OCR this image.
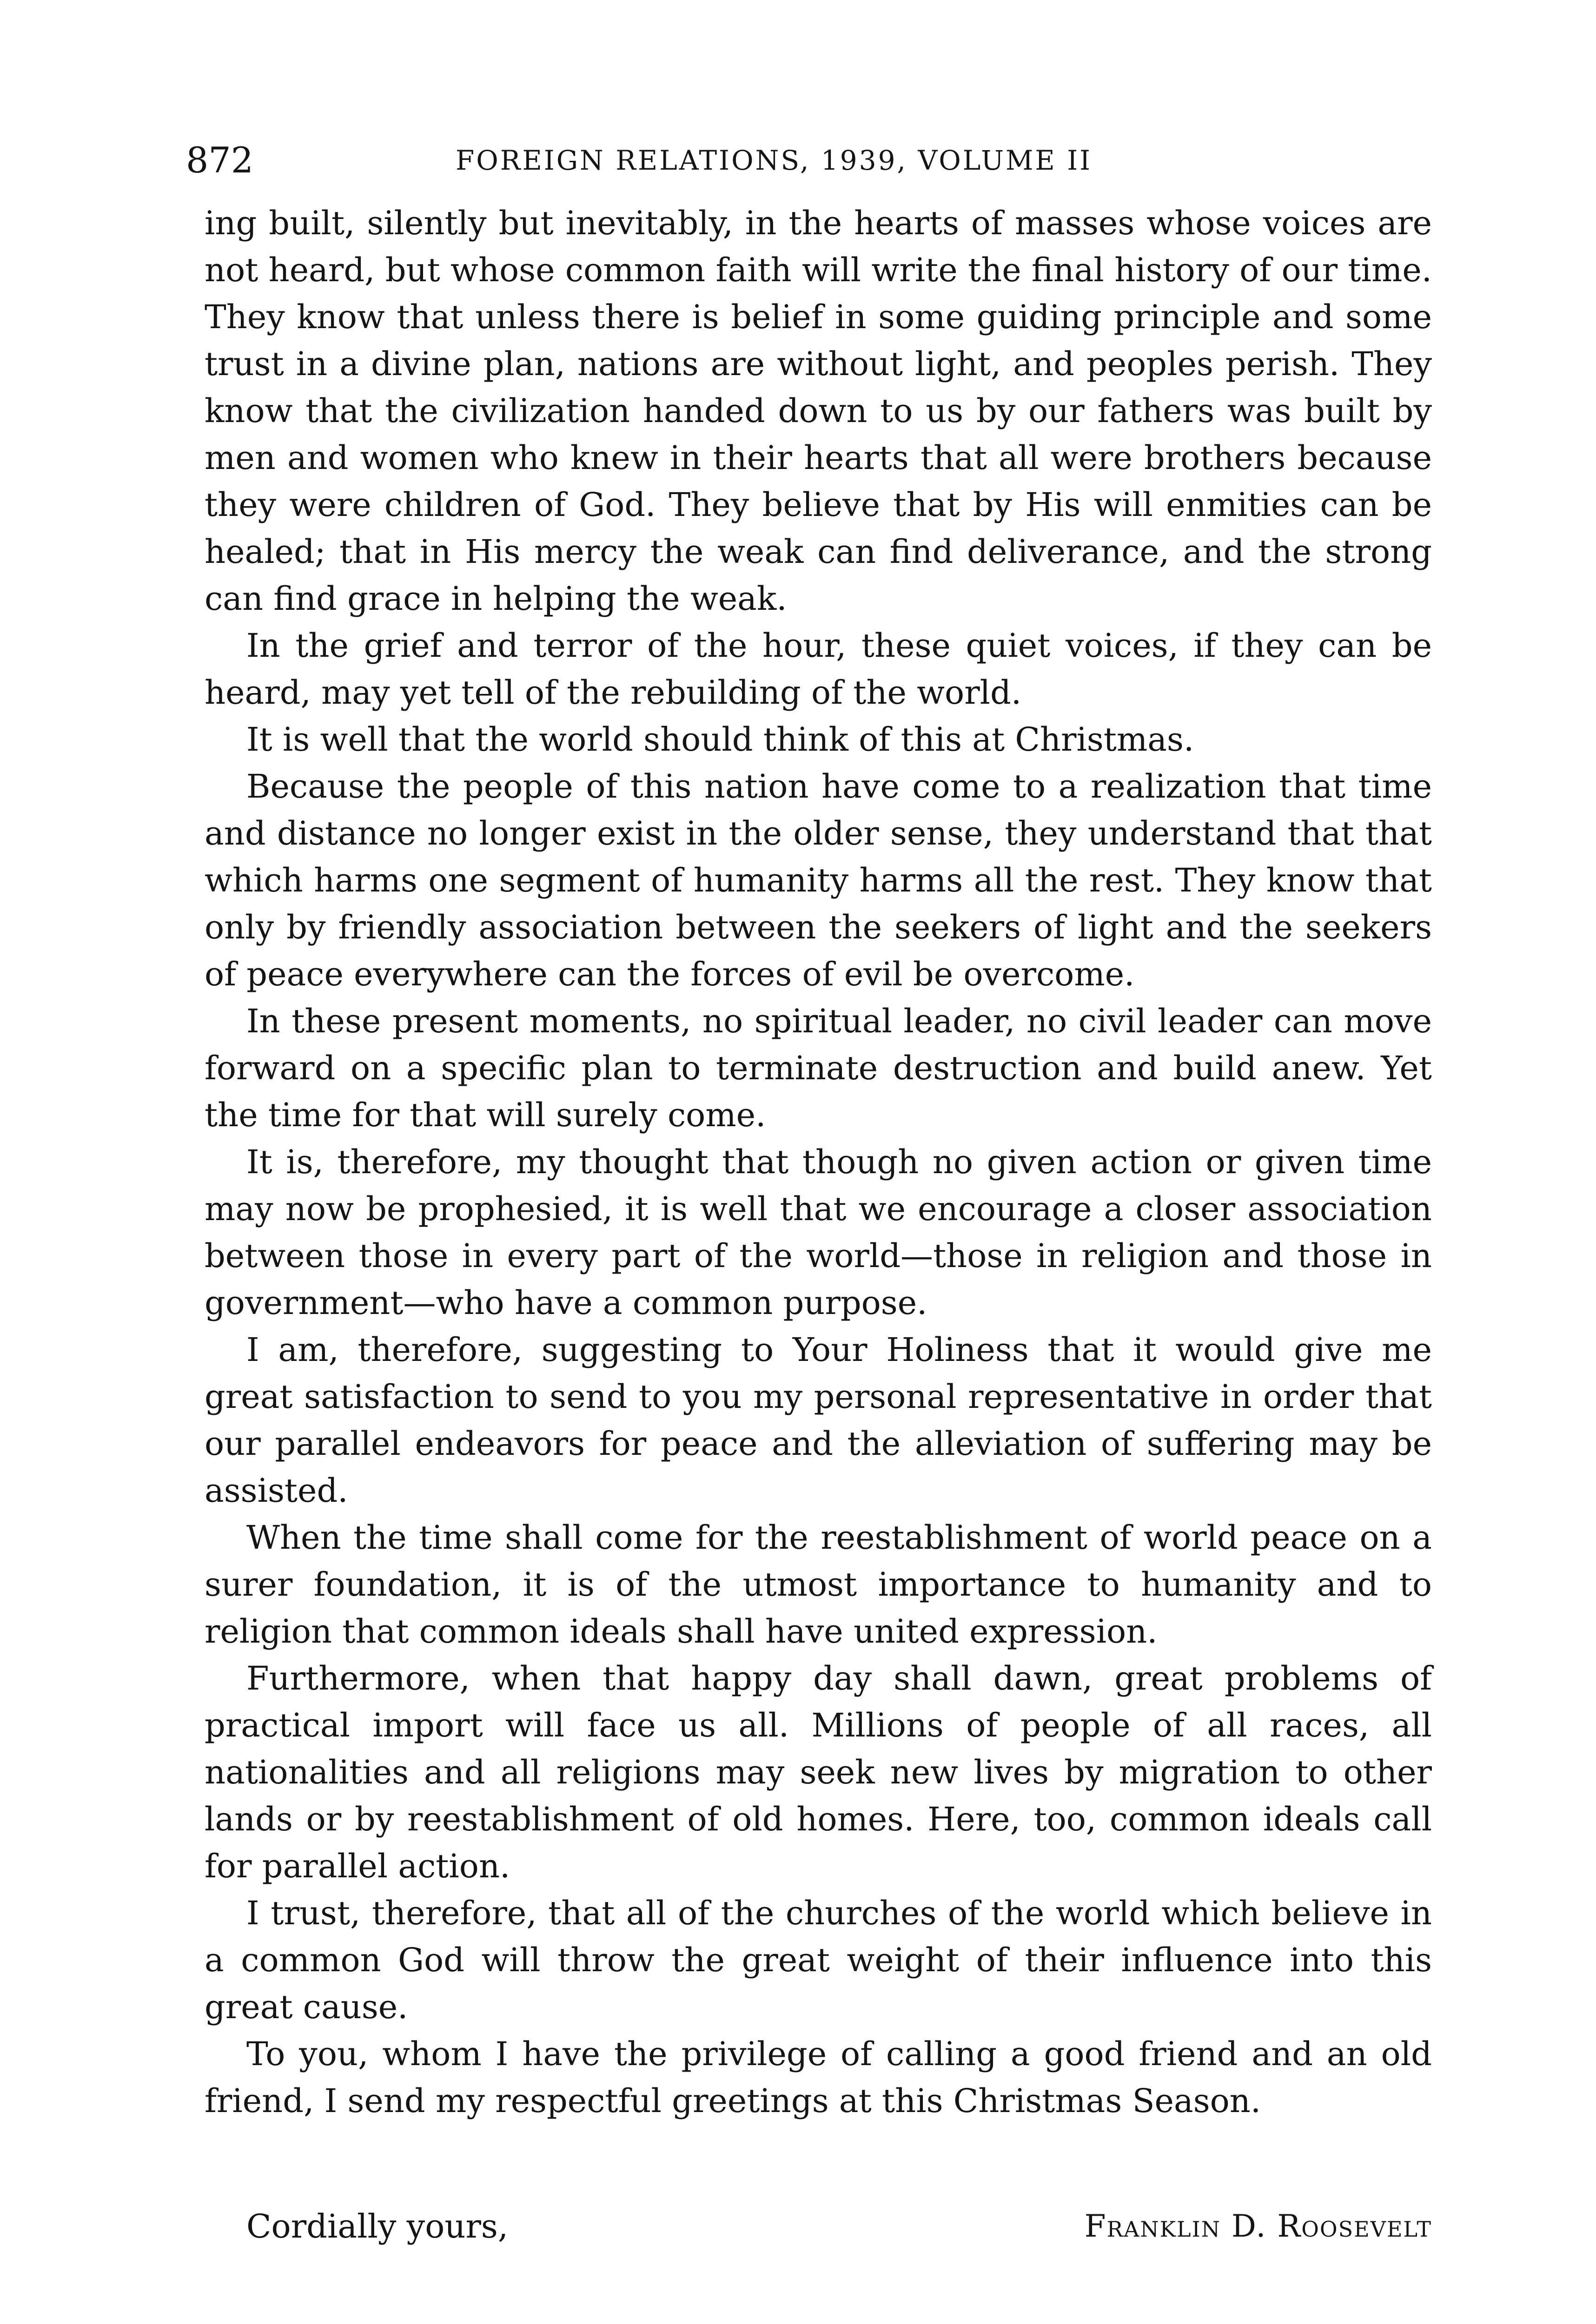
872	FOREIGN RELATIONS, 1939, VOLUME II

ing built, silently but inevitably, in the hearts of masses whose voices are not heard, but whose common faith will write the final history of our time. They know that unless there is belief in some guiding principle and some trust in a divine plan, nations are without light, and peoples perish. They know that the civilization handed down to us by our fathers was built by men and women who knew in their hearts that all were brothers because they were children of God. They believe that by His will enmities can be healed; that in His mercy the weak can find deliverance, and the strong can find grace in helping the weak.

In the grief and terror of the hour, these quiet voices, if they can be heard, may yet tell of the rebuilding of the world.

It is well that the world should think of this at Christmas.

Because the people of this nation have come to a realization that time and distance no longer exist in the older sense, they understand that that which harms one segment of humanity harms all the rest. They know that only by friendly association between the seekers of light and the seekers of peace everywhere can the forces of evil be overcome.

In these present moments, no spiritual leader, no civil leader can move forward on a specific plan to terminate destruction and build anew. Yet the time for that will surely come.

It is, therefore, my thought that though no given action or given time may now be prophesied, it is well that we encourage a closer association between those in every part of the world—those in religion and those in government—who have a common purpose.

I am, therefore, suggesting to Your Holiness that it would give me great satisfaction to send to you my personal representative in order that our parallel endeavors for peace and the alleviation of suffering may be assisted.

When the time shall come for the reestablishment of world peace on a surer foundation, it is of the utmost importance to humanity and to religion that common ideals shall have united expression.

Furthermore, when that happy day shall dawn, great problems of practical import will face us all. Millions of people of all races, all nationalities and all religions may seek new lives by migration to other lands or by reestablishment of old homes. Here, too, common ideals call for parallel action.

I trust, therefore, that all of the churches of the world which believe in a common God will throw the great weight of their influence into this great cause.

To you, whom I have the privilege of calling a good friend and an old friend, I send my respectful greetings at this Christmas Season.

Cordially yours,	Franklin D. Roosevelt
